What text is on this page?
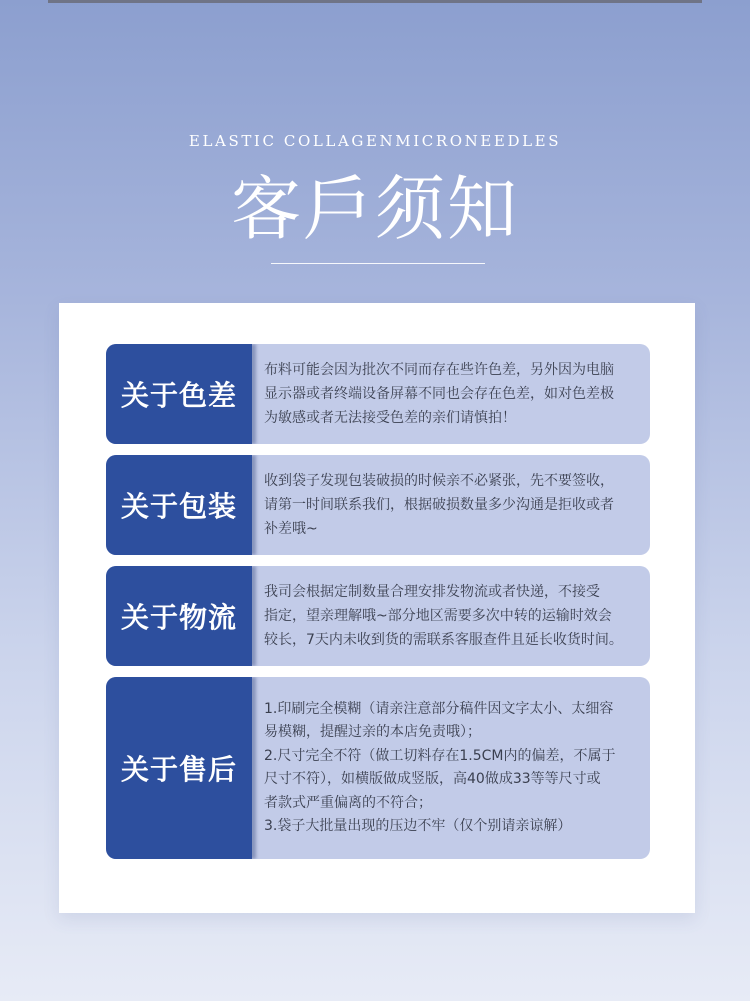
ELASTIC COLLAGENMICRONEEDLES
客戶须知
关于色差
布料可能会因为批次不同而存在些许色差，另外因为电脑
显示器或者终端设备屏幕不同也会存在色差，如对色差极
为敏感或者无法接受色差的亲们请慎拍！
关于包装
收到袋子发现包装破损的时候亲不必紧张，先不要签收，
请第一时间联系我们，根据破损数量多少沟通是拒收或者
补差哦~
关于物流
我司会根据定制数量合理安排发物流或者快递，不接受
指定，望亲理解哦~部分地区需要多次中转的运输时效会
较长，7天内未收到货的需联系客服查件且延长收货时间。
关于售后
1.印刷完全模糊（请亲注意部分稿件因文字太小、太细容
易模糊，提醒过亲的本店免责哦）；
2.尺寸完全不符（做工切料存在1.5CM内的偏差，不属于
尺寸不符），如横版做成竖版，高40做成33等等尺寸或
者款式严重偏离的不符合；
3.袋子大批量出现的压边不牢（仅个别请亲谅解）
